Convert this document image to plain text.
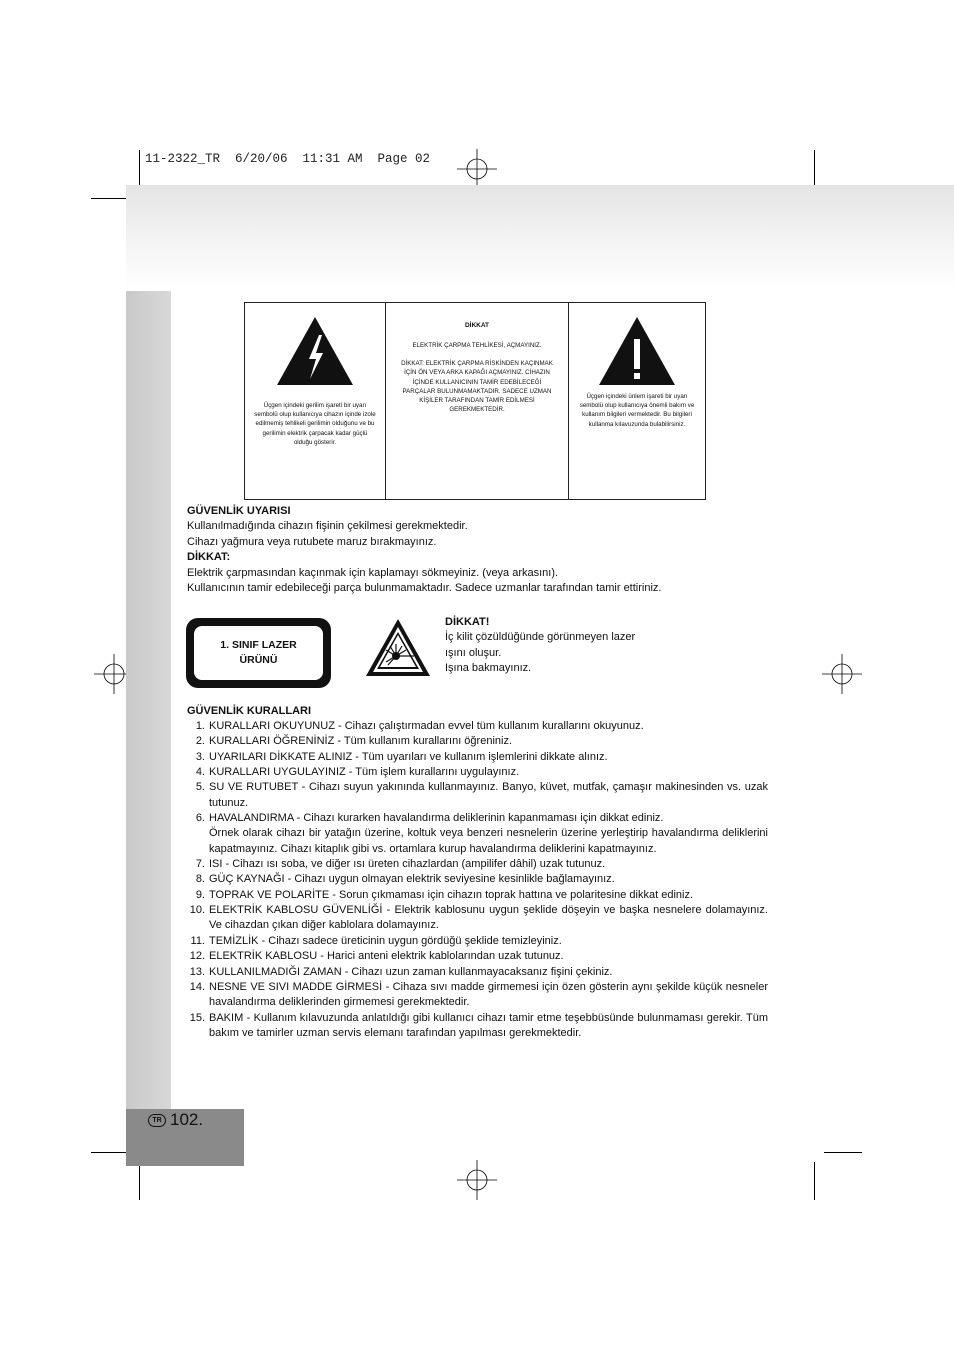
11-2322_TR  6/20/06  11:31 AM  Page 02
TR 102.
Üçgen içindeki gerilim işareti bir uyarı sembolü olup kullanıcıya cihazın içinde izole edilmemiş tehlikeli gerilimin olduğunu ve bu gerilimin elektrik çarpacak kadar güçlü olduğu gösterir.
DİKKAT
ELEKTRİK ÇARPMA TEHLİKESİ, AÇMAYINIZ.
DİKKAT: ELEKTRİK ÇARPMA RİSKİNDEN KAÇINMAK İÇİN ÖN VEYA ARKA KAPAĞI AÇMAYINIZ. CİHAZIN İÇİNDE KULLANICININ TAMİR EDEBİLECEĞİ PARÇALAR BULUNMAMAKTADIR. SADECE UZMAN KİŞİLER TARAFINDAN TAMİR EDİLMESİ GEREKMEKTEDİR.
Üçgen içindeki ünlem işareti bir uyarı sembolü olup kullanıcıya önemli bakım ve kullanım bilgileri vermektedir. Bu bilgileri kullanma kılavuzunda bulabilirsiniz.
GÜVENLİK UYARISI
Kullanılmadığında cihazın fişinin çekilmesi gerekmektedir.
Cihazı yağmura veya rutubete maruz bırakmayınız.
DİKKAT:
Elektrik çarpmasından kaçınmak için kaplamayı sökmeyiniz. (veya arkasını).
Kullanıcının tamir edebileceği parça bulunmamaktadır. Sadece uzmanlar tarafından tamir ettiriniz.
1. SINIF LAZER
ÜRÜNÜ
DİKKAT!
İç kilit çözüldüğünde görünmeyen lazer
ışını oluşur.
Işına bakmayınız.
GÜVENLİK KURALLARI
1. KURALLARI OKUYUNUZ - Cihazı çalıştırmadan evvel tüm kullanım kurallarını okuyunuz.
2. KURALLARI ÖĞRENİNİZ - Tüm kullanım kurallarını öğreniniz.
3. UYARILARI DİKKATE ALINIZ - Tüm uyarıları ve kullanım işlemlerini dikkate alınız.
4. KURALLARI UYGULAYINIZ - Tüm işlem kurallarını uygulayınız.
5. SU VE RUTUBET - Cihazı suyun yakınında kullanmayınız. Banyo, küvet, mutfak, çamaşır makinesinden vs. uzak tutunuz.
6. HAVALANDIRMA - Cihazı kurarken havalandırma deliklerinin kapanmaması için dikkat ediniz.
Örnek olarak cihazı bir yatağın üzerine, koltuk veya benzeri nesnelerin üzerine yerleştirip havalandırma deliklerini kapatmayınız. Cihazı kitaplık gibi vs. ortamlara kurup havalandırma deliklerini kapatmayınız.
7. ISI - Cihazı ısı soba, ve diğer ısı üreten cihazlardan (ampilifer dâhil) uzak tutunuz.
8. GÜÇ KAYNAĞI - Cihazı uygun olmayan elektrik seviyesine kesinlikle bağlamayınız.
9. TOPRAK VE POLARİTE - Sorun çıkmaması için cihazın toprak hattına ve polaritesine dikkat ediniz.
10. ELEKTRİK KABLOSU GÜVENLİĞİ - Elektrik kablosunu uygun şeklide döşeyin ve başka nesnelere dolamayınız. Ve cihazdan çıkan diğer kablolara dolamayınız.
11. TEMİZLİK - Cihazı sadece üreticinin uygun gördüğü şeklide temizleyiniz.
12. ELEKTRİK KABLOSU - Harici anteni elektrik kablolarından uzak tutunuz.
13. KULLANILMADIĞI ZAMAN - Cihazı uzun zaman kullanmayacaksanız fişini çekiniz.
14. NESNE VE SIVI MADDE GİRMESİ - Cihaza sıvı madde girmemesi için özen gösterin aynı şekilde küçük nesneler havalandırma deliklerinden girmemesi gerekmektedir.
15. BAKIM - Kullanım kılavuzunda anlatıldığı gibi kullanıcı cihazı tamir etme teşebbüsünde bulunmaması gerekir. Tüm bakım ve tamirler uzman servis elemanı tarafından yapılması gerekmektedir.
